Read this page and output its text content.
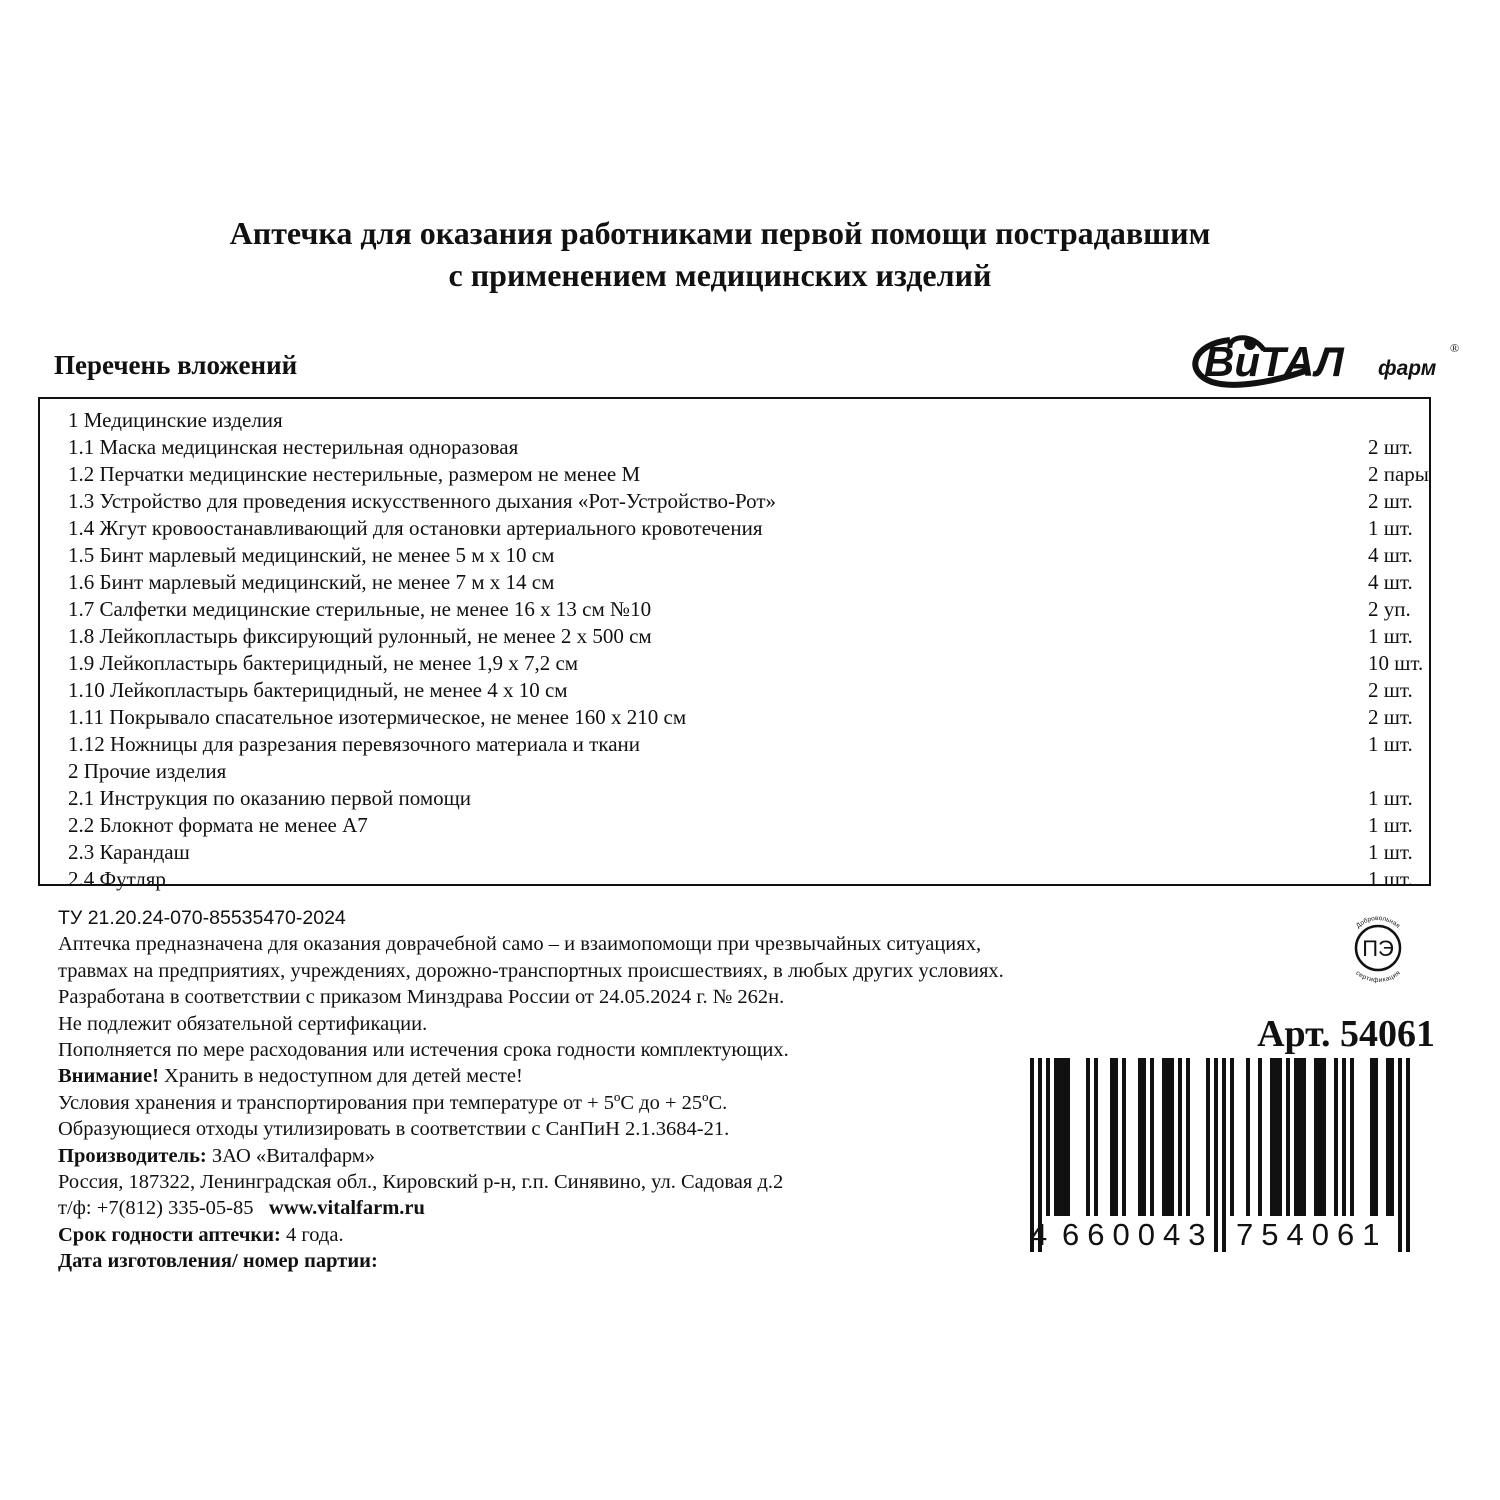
Аптечка для оказания работниками первой помощи пострадавшим
с применением медицинских изделий
Перечень вложений	ВиТАЛ фарм
®
1 Медицинские изделия
1.1 Маска медицинская нестерильная одноразовая	2 шт.
1.2 Перчатки медицинские нестерильные, размером не менее М	2 пары
1.3 Устройство для проведения искусственного дыхания «Рот-Устройство-Рот»	2 шт.
1.4 Жгут кровоостанавливающий для остановки артериального кровотечения	1 шт.
1.5 Бинт марлевый медицинский, не менее 5 м х 10 см	4 шт.
1.6 Бинт марлевый медицинский, не менее 7 м х 14 см	4 шт.
1.7 Салфетки медицинские стерильные, не менее 16 х 13 см №10	2 уп.
1.8 Лейкопластырь фиксирующий рулонный, не менее 2 х 500 см	1 шт.
1.9 Лейкопластырь бактерицидный, не менее 1,9 х 7,2 см	10 шт.
1.10 Лейкопластырь бактерицидный, не менее 4 х 10 см	2 шт.
1.11 Покрывало спасательное изотермическое, не менее 160 х 210 см	2 шт.
1.12 Ножницы для разрезания перевязочного материала и ткани	1 шт.
2 Прочие изделия
2.1 Инструкция по оказанию первой помощи	1 шт.
2.2 Блокнот формата не менее А7	1 шт.
2.3 Карандаш	1 шт.
2.4 Футляр	1 шт.
ТУ 21.20.24-070-85535470-2024
Аптечка предназначена для оказания доврачебной само – и взаимопомощи при чрезвычайных ситуациях,
травмах на предприятиях, учреждениях, дорожно-транспортных происшествиях, в любых других условиях.
Разработана в соответствии с приказом Минздрава России от 24.05.2024 г. № 262н.
Не подлежит обязательной сертификации.
Пополняется по мере расходования или истечения срока годности комплектующих.
Внимание! Хранить в недоступном для детей месте!
Условия хранения и транспортирования при температуре от + 5ºС до + 25ºС.
Образующиеся отходы утилизировать в соответствии с СанПиН 2.1.3684-21.
Производитель: ЗАО «Виталфарм»
Россия, 187322, Ленинградская обл., Кировский р-н, г.п. Синявино, ул. Садовая д.2
т/ф: +7(812) 335-05-85 www.vitalfarm.ru
Срок годности аптечки: 4 года.
Дата изготовления/ номер партии:
Добровольная
сертификация
ПЭ
Арт. 54061
4 660043 754061
